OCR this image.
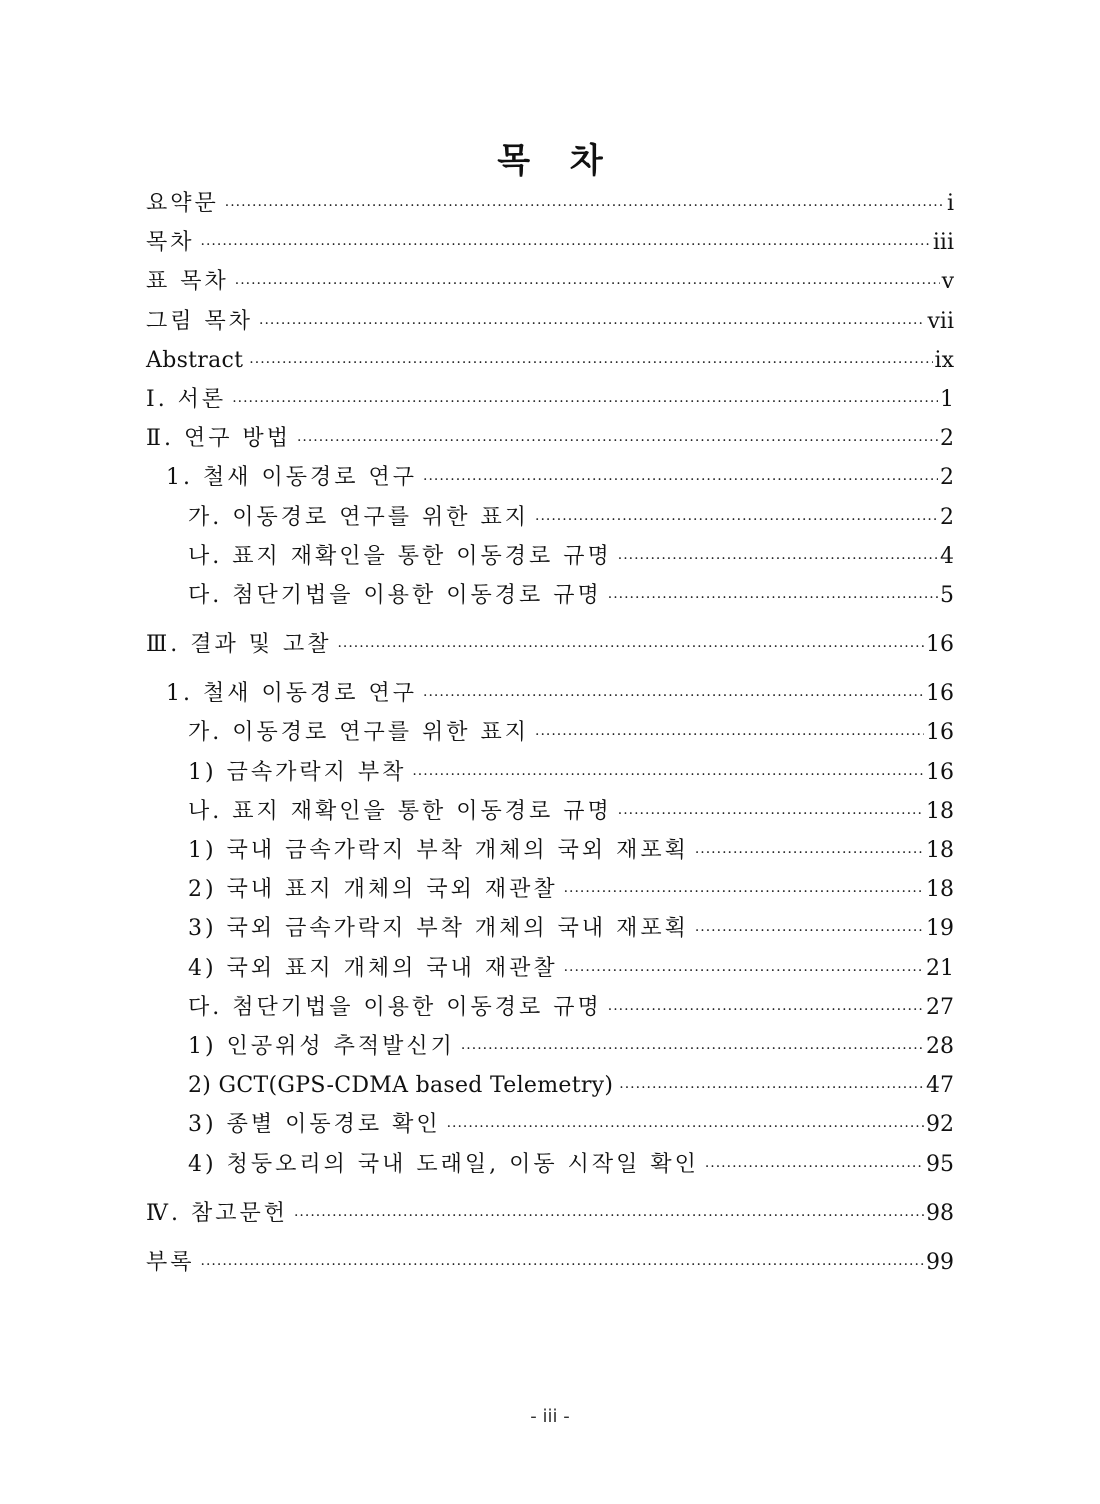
목 차
요약문 ·····	i
목차 ·····	iii
표 목차 ·····	v
그림 목차 ·····	vii
Abstract ·····	ix
Ⅰ. 서론 ·····	1
Ⅱ. 연구 방법 ·····	2
1. 철새 이동경로 연구 ·····	2
가. 이동경로 연구를 위한 표지 ·····	2
나. 표지 재확인을 통한 이동경로 규명 ·····	4
다. 첨단기법을 이용한 이동경로 규명 ·····	5
Ⅲ. 결과 및 고찰 ·····	16
1. 철새 이동경로 연구 ·····	16
가. 이동경로 연구를 위한 표지 ·····	16
1) 금속가락지 부착 ·····	16
나. 표지 재확인을 통한 이동경로 규명 ·····	18
1) 국내 금속가락지 부착 개체의 국외 재포획 ·····	18
2) 국내 표지 개체의 국외 재관찰 ·····	18
3) 국외 금속가락지 부착 개체의 국내 재포획 ·····	19
4) 국외 표지 개체의 국내 재관찰 ·····	21
다. 첨단기법을 이용한 이동경로 규명 ·····	27
1) 인공위성 추적발신기 ·····	28
2) GCT(GPS-CDMA based Telemetry) ·····	47
3) 종별 이동경로 확인 ·····	92
4) 청둥오리의 국내 도래일, 이동 시작일 확인 ·····	95
Ⅳ. 참고문헌 ·····	98
부록 ·····	99
- iii -
